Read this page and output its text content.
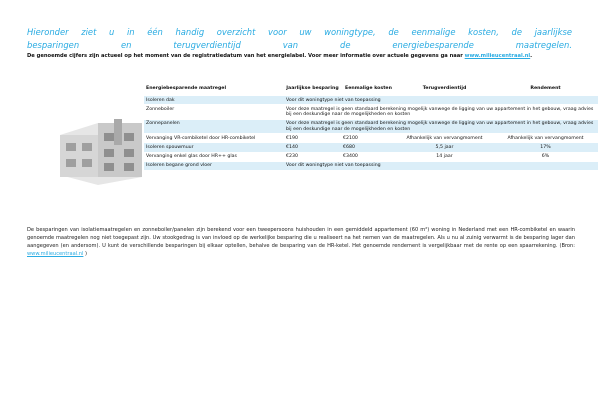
Hieronder ziet u in één handig overzicht voor uw woningtype, de eenmalige kosten, de jaarlijkse
besparingen en terugverdientijd van de energiebesparende maatregelen.
De genoemde cijfers zijn actueel op het moment van de registratiedatum van het energielabel. Voor meer informatie over actuele gegevens ga naar www.milieucentraal.nl.
Energiebesparende maatregel	Jaarlijkse besparing	Eenmalige kosten	Terugverdientijd	Rendement
Isoleren dak	Voor dit woningtype niet van toepassing			
Zonneboiler	Voor deze maatregel is geen standaard berekening mogelijk vanwege de ligging van uw appartement in het gebouw, vraag advies bij een deskundige naar de mogelijkheden en kosten			
Zonnepanelen	Voor deze maatregel is geen standaard berekening mogelijk vanwege de ligging van uw appartement in het gebouw, vraag advies bij een deskundige naar de mogelijkheden en kosten			
Vervanging VR-combiketel door HR-combiketel	€190	€2100	Afhankelijk van vervangmoment	Afhankelijk van vervangmoment
Isoleren spouwmuur	€140	€680	5,5 jaar	17%
Vervanging enkel glas door HR++ glas	€230	€3400	14 jaar	6%
Isoleren begane grond vloer	Voor dit woningtype niet van toepassing			
De besparingen van isolatiemaatregelen en zonneboiler/panelen zijn berekend voor een tweepersoons huishouden in een gemiddeld appartement (60 m²) woning in Nederland met een HR-combiketel en waarin genoemde maatregelen nog niet toegepast zijn. Uw stookgedrag is van invloed op de werkelijke besparing die u realiseert na het nemen van de maatregelen. Als u nu al zuinig verwarmt is de besparing lager dan aangegeven (en andersom). U kunt de verschillende besparingen bij elkaar optellen, behalve de besparing van de HR-ketel. Het genoemde rendement is vergelijkbaar met de rente op een spaarrekening. (Bron: www.milieucentraal.nl )
